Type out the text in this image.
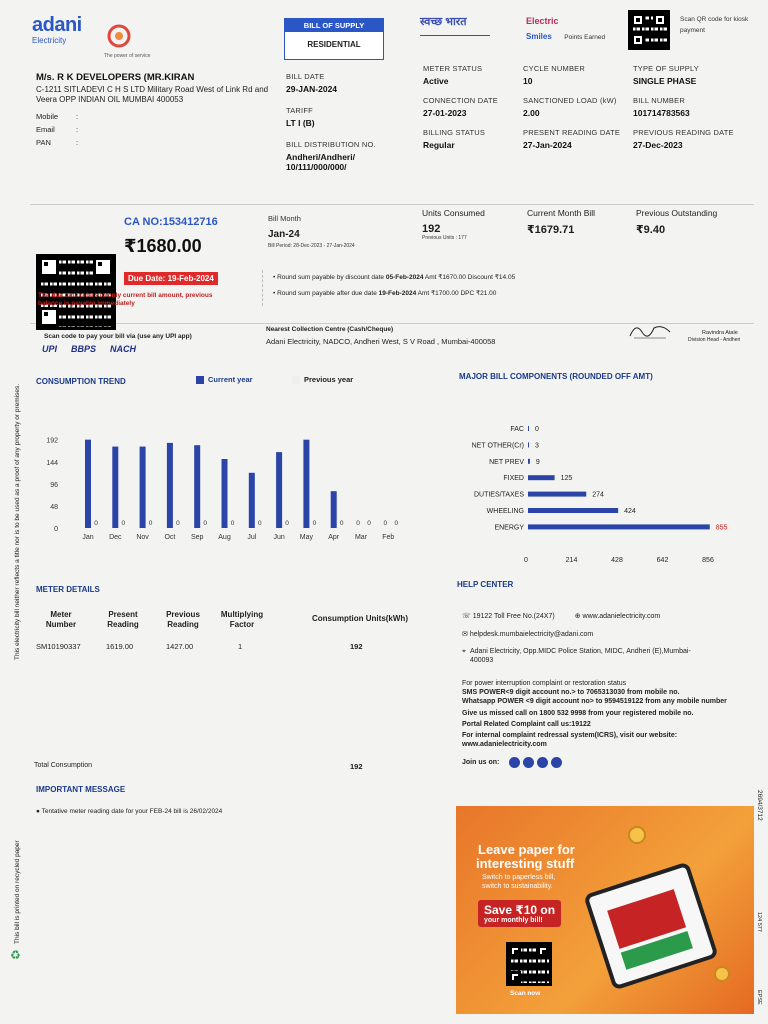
adani
Electricity
The power of service
BILL OF SUPPLY
RESIDENTIAL
स्वच्छ भारत	Electric
Smiles Points Earned
Scan QR code for kiosk payment
M/s. R K DEVELOPERS (MR.KIRAN
C-1211 SITLADEVI C H S LTD Military Road West of Link Rd and Veera OPP INDIAN OIL MUMBAI 400053
Mobile :
Email	:
PAN	:
BILL DATE
29-JAN-2024
TARIFF
LT I (B)
BILL DISTRIBUTION NO.
Andheri/Andheri/ 10/111/000/000/
METER STATUS
Active
CYCLE NUMBER
10
TYPE OF SUPPLY
SINGLE PHASE
CONNECTION DATE
27-01-2023
SANCTIONED LOAD (kW)
2.00
BILL NUMBER
101714783563
BILLING STATUS
Regular
PRESENT READING DATE
27-Jan-2024
PREVIOUS READING DATE
27-Dec-2023
CA NO:153412716
₹1680.00
Due Date: 19-Feb-2024
The due date refers to only current bill amount, previous balance is payable immediately
Bill Month
Jan-24
Bill Period: 28-Dec-2023 - 27-Jan-2024
Units Consumed
192
Previous Units : 177
Current Month Bill
₹1679.71
Previous Outstanding
₹9.40
• Round sum payable by discount date 05-Feb-2024 Amt ₹1670.00 Discount ₹14.05
• Round sum payable after due date 19-Feb-2024 Amt ₹1700.00 DPC ₹21.00
Scan code to pay your bill via (use any UPI app)
UPI BBPS NACH
Nearest Collection Centre (Cash/Cheque)
Adani Electricity, NADCO, Andheri West, S V Road , Mumbai-400058
Ravindra Atale
Division Head - Andheri
CONSUMPTION TREND	Current year	Previous year
0
48
96
144
192
0
Jan
0
Dec
0
Nov
0
Oct
0
Sep
0
Aug
0
Jul
0
Jun
0
May
0
Apr
0 0
Mar
0 0
Feb
MAJOR BILL COMPONENTS (ROUNDED OFF AMT)
FAC 0
NET OTHER(Cr) 3
NET PREV 9
FIXED	125
DUTIES/TAXES	274
WHEELING	424
ENERGY	855
0	214	428	642	856
METER DETAILS
Meter Number
Present Reading
Previous Reading
Multiplying Factor
Consumption Units(kWh)
SM10190337	1619.00	1427.00	1	192
Total Consumption	192
IMPORTANT MESSAGE
● Tentative meter reading date for your FEB-24 bill is 26/02/2024
HELP CENTER
☏ 19122 Toll Free No.(24X7)	⊕ www.adanielectricity.com
✉ helpdesk.mumbaielectricity@adani.com
⌖ Adani Electricity, Opp.MIDC Police Station, MIDC, Andheri (E),Mumbai-400093
For power interruption complaint or restoration status
SMS POWER<9 digit account no.> to 7065313030 from mobile no.
Whatsapp POWER <9 digit account no> to 9594519122 from any mobile number
Give us missed call on 1800 532 9998 from your registered mobile no.
Portal Related Complaint call us:19122
For internal complaint redressal system(ICRS), visit our website: www.adanielectricity.com
Join us on:
Leave paper for
interesting stuff
Switch to paperless bill,
switch to sustainability.
Save ₹10 on
your monthly bill!
Scan now
This electricity bill neither reflects a title nor is to be used as a proof of any property or premises.
This bill is printed on recycled paper
♻
2694/3712
124 577
EPSE
